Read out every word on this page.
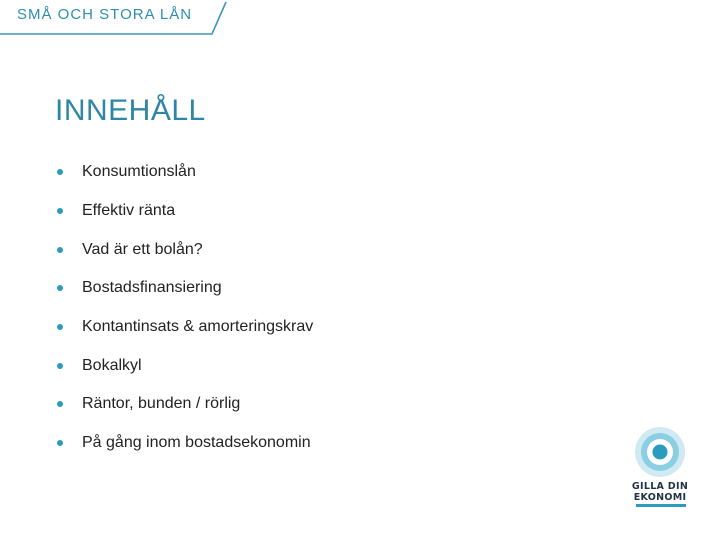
SMÅ OCH STORA LÅN
INNEHÅLL
Konsumtionslån
Effektiv ränta
Vad är ett bolån?
Bostadsfinansiering
Kontantinsats & amorteringskrav
Bokalkyl
Räntor, bunden / rörlig
På gång inom bostadsekonomin
GILLA DIN
EKONOMI
